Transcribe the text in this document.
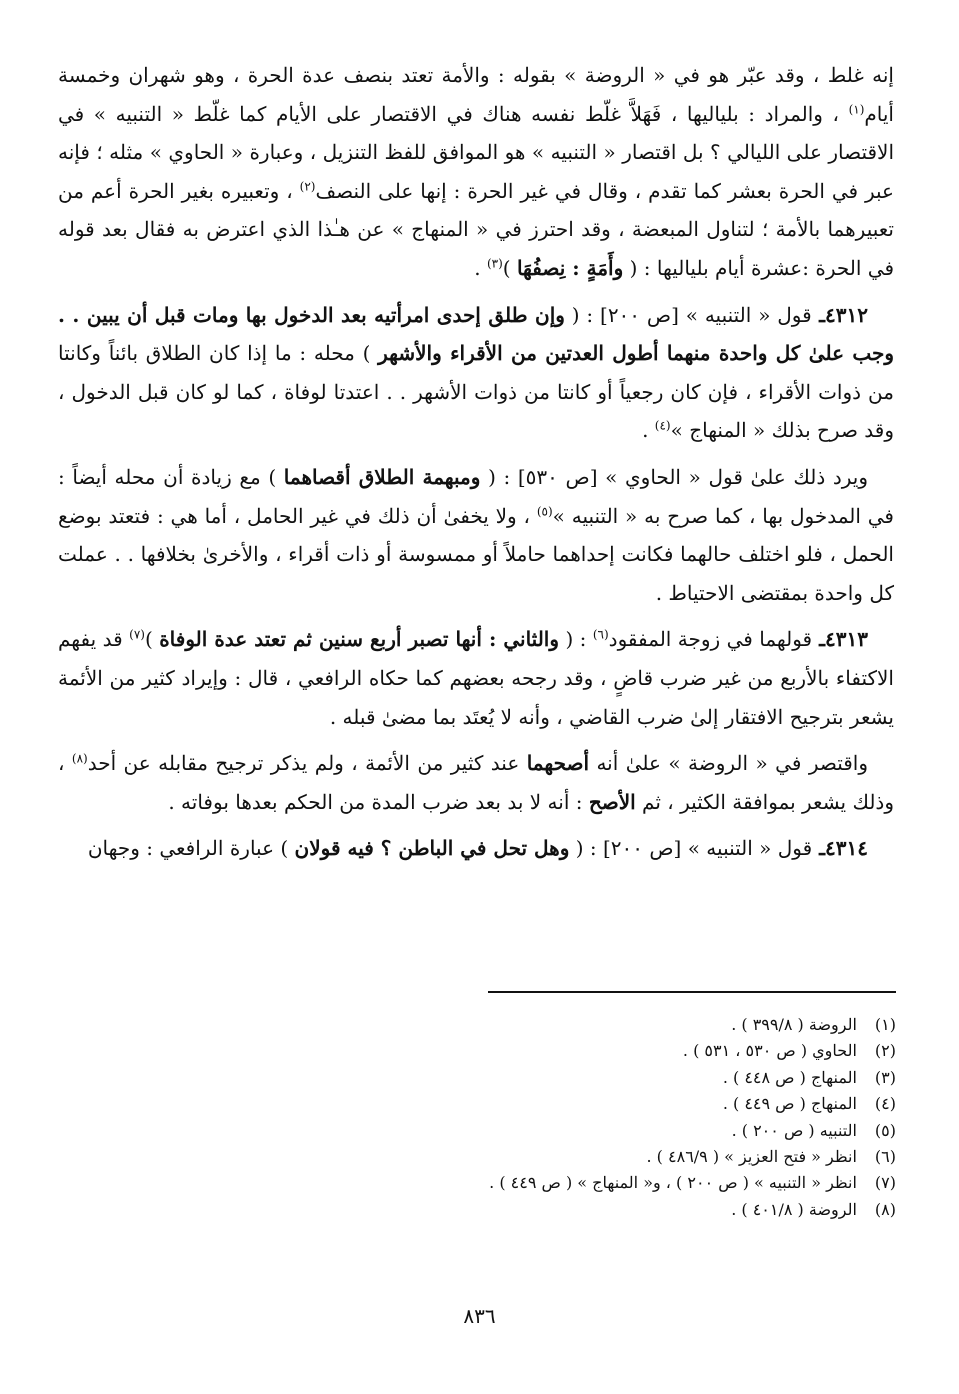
إنه غلط ، وقد عبّر هو في « الروضة » بقوله : والأمة تعتد بنصف عدة الحرة ، وهو شهران وخمسة أيام$^{(١)}$ ، والمراد : بلياليها ، فَهَلاَّ غلّط نفسه هناك في الاقتصار على الأيام كما غلّط « التنبيه » في الاقتصار على الليالي ؟ بل اقتصار « التنبيه » هو الموافق للفظ التنزيل ، وعبارة « الحاوي » مثله ؛ فإنه عبر في الحرة بعشر كما تقدم ، وقال في غير الحرة : إنها على النصف$^{(٢)}$ ، وتعبيره بغير الحرة أعم من تعبيرهما بالأمة ؛ لتناول المبعضة ، وقد احترز في « المنهاج » عن هـٰذا الذي اعترض به فقال بعد قوله في الحرة :عشرة أيام بلياليها : ( وأَمَةٍ : نِصفُهَا )$^{(٣)}$ .

٤٣١٢ـ قول « التنبيه » [ص ٢٠٠] : ( وإن طلق إحدى امرأتيه بعد الدخول بها ومات قبل أن يبين . . وجب علىٰ كل واحدة منهما أطول العدتين من الأقراء والأشهر ) محله : ما إذا كان الطلاق بائناً وكانتا من ذوات الأقراء ، فإن كان رجعياً أو كانتا من ذوات الأشهر . . اعتدتا لوفاة ، كما لو كان قبل الدخول ، وقد صرح بذلك « المنهاج »$^{(٤)}$ .

ويرد ذلك علىٰ قول « الحاوي » [ص ٥٣٠] : ( ومبهمة الطلاق أقصاهما ) مع زيادة أن محله أيضاً : في المدخول بها ، كما صرح به « التنبيه »$^{(٥)}$ ، ولا يخفىٰ أن ذلك في غير الحامل ، أما هي : فتعتد بوضع الحمل ، فلو اختلف حالهما فكانت إحداهما حاملاً أو ممسوسة أو ذات أقراء ، والأخرىٰ بخلافها . . عملت كل واحدة بمقتضى الاحتياط .

٤٣١٣ـ قولهما في زوجة المفقود$^{(٦)}$ : ( والثاني : أنها تصبر أربع سنين ثم تعتد عدة الوفاة )$^{(٧)}$ قد يفهم الاكتفاء بالأربع من غير ضرب قاضٍ ، وقد رجحه بعضهم كما حكاه الرافعي ، قال : وإيراد كثير من الأئمة يشعر بترجيح الافتقار إلىٰ ضرب القاضي ، وأنه لا يُعتَد بما مضىٰ قبله .

واقتصر في « الروضة » علىٰ أنه أصحهما عند كثير من الأئمة ، ولم يذكر ترجيح مقابله عن أحد$^{(٨)}$ ، وذلك يشعر بموافقة الكثير ، ثم الأصح : أنه لا بد بعد ضرب المدة من الحكم بعدها بوفاته .

٤٣١٤ـ قول « التنبيه » [ص ٢٠٠] : ( وهل تحل في الباطن ؟ فيه قولان ) عبارة الرافعي : وجهان

(١) الروضة ( ٣٩٩/٨ ) .
(٢) الحاوي ( ص ٥٣٠ ، ٥٣١ ) .
(٣) المنهاج ( ص ٤٤٨ ) .
(٤) المنهاج ( ص ٤٤٩ ) .
(٥) التنبيه ( ص ٢٠٠ ) .
(٦) انظر « فتح العزيز » ( ٤٨٦/٩ ) .
(٧) انظر « التنبيه » ( ص ٢٠٠ ) ، و« المنهاج » ( ص ٤٤٩ ) .
(٨) الروضة ( ٤٠١/٨ ) .
٨٣٦
